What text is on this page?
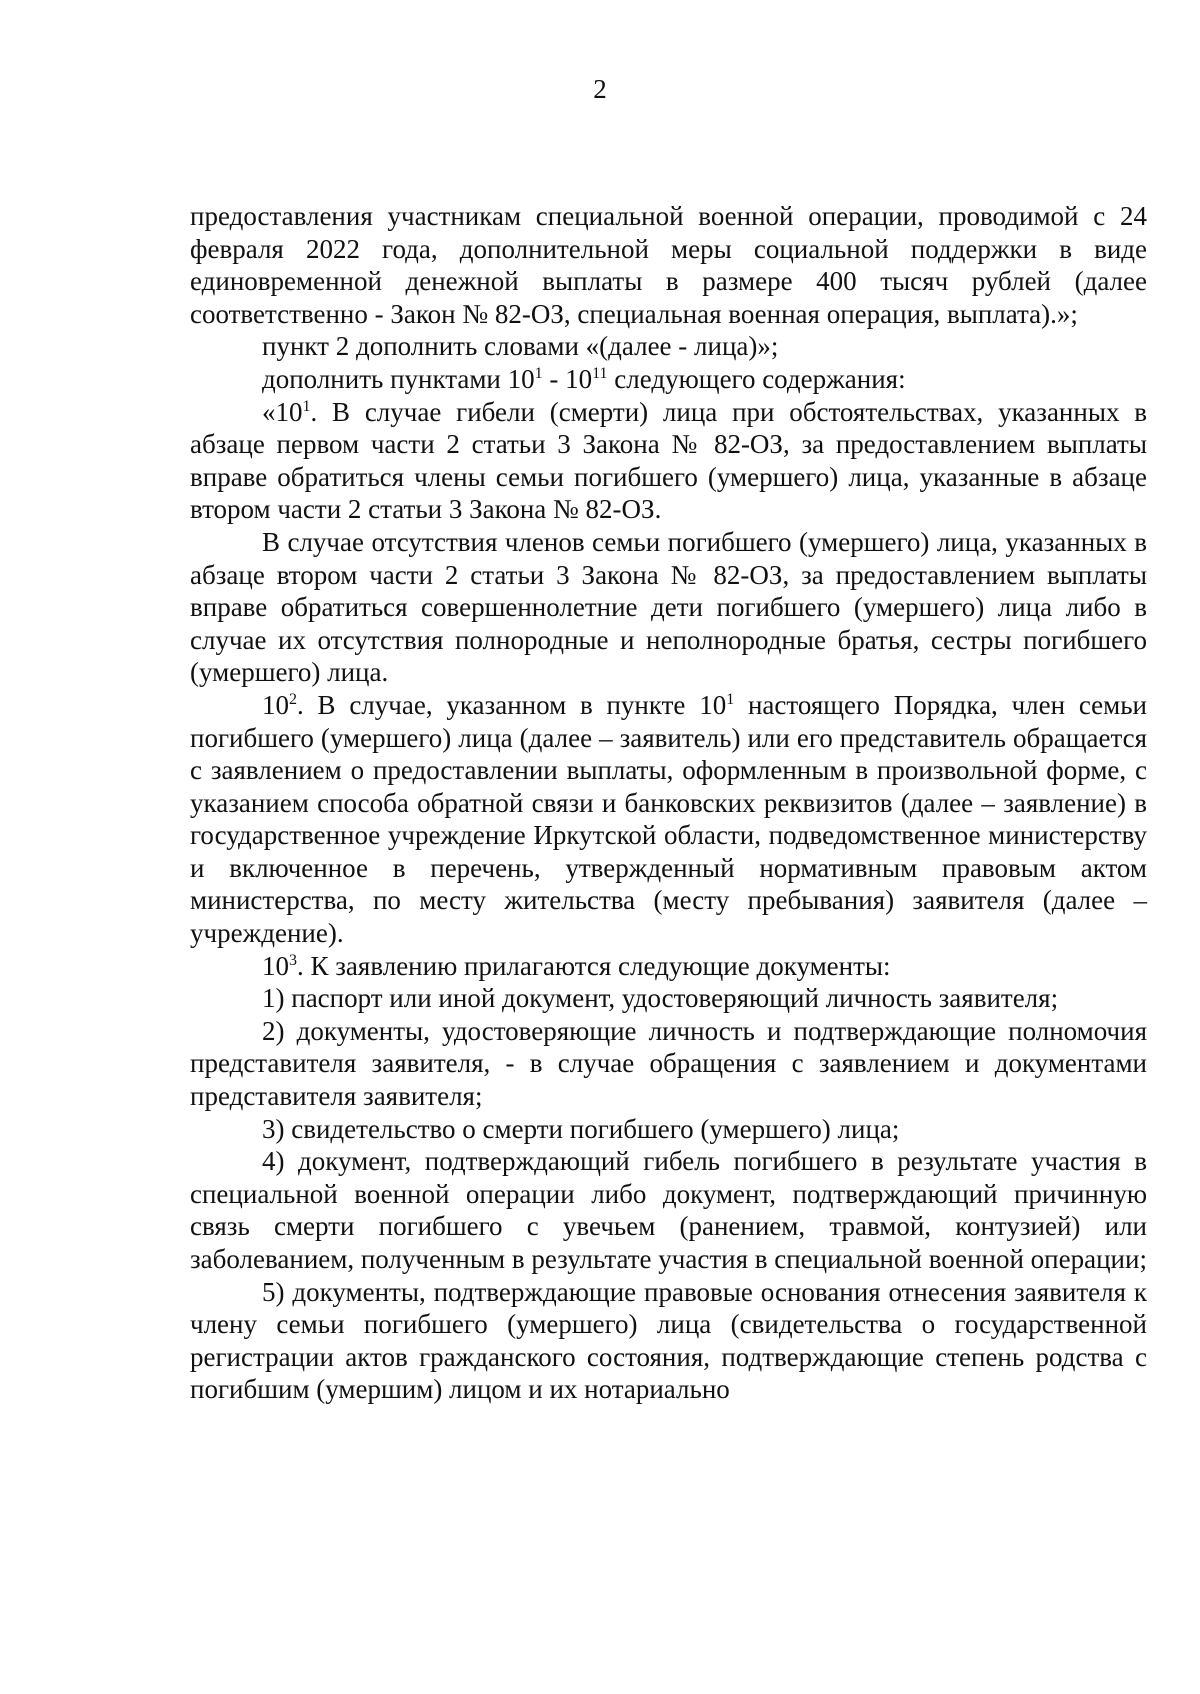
2

предоставления участникам специальной военной операции, проводимой с 24 февраля 2022 года, дополнительной меры социальной поддержки в виде единовременной денежной выплаты в размере 400 тысяч рублей (далее соответственно - Закон № 82-ОЗ, специальная военная операция, выплата).»;

пункт 2 дополнить словами «(далее - лица)»;

дополнить пунктами $10^1 - 10^{11}$ следующего содержания:

«$10^1$. В случае гибели (смерти) лица при обстоятельствах, указанных в абзаце первом части 2 статьи 3 Закона № 82-ОЗ, за предоставлением выплаты вправе обратиться члены семьи погибшего (умершего) лица, указанные в абзаце втором части 2 статьи 3 Закона № 82-ОЗ.

В случае отсутствия членов семьи погибшего (умершего) лица, указанных в абзаце втором части 2 статьи 3 Закона № 82-ОЗ, за предоставлением выплаты вправе обратиться совершеннолетние дети погибшего (умершего) лица либо в случае их отсутствия полнородные и неполнородные братья, сестры погибшего (умершего) лица.

$10^2$. В случае, указанном в пункте $10^1$ настоящего Порядка, член семьи погибшего (умершего) лица (далее – заявитель) или его представитель обращается с заявлением о предоставлении выплаты, оформленным в произвольной форме, с указанием способа обратной связи и банковских реквизитов (далее – заявление) в государственное учреждение Иркутской области, подведомственное министерству и включенное в перечень, утвержденный нормативным правовым актом министерства, по месту жительства (месту пребывания) заявителя (далее – учреждение).

$10^3$. К заявлению прилагаются следующие документы:

1) паспорт или иной документ, удостоверяющий личность заявителя;

2) документы, удостоверяющие личность и подтверждающие полномочия представителя заявителя, - в случае обращения с заявлением и документами представителя заявителя;

3) свидетельство о смерти погибшего (умершего) лица;

4) документ, подтверждающий гибель погибшего в результате участия в специальной военной операции либо документ, подтверждающий причинную связь смерти погибшего с увечьем (ранением, травмой, контузией) или заболеванием, полученным в результате участия в специальной военной операции;

5) документы, подтверждающие правовые основания отнесения заявителя к члену семьи погибшего (умершего) лица (свидетельства о государственной регистрации актов гражданского состояния, подтверждающие степень родства с погибшим (умершим) лицом и их нотариально
